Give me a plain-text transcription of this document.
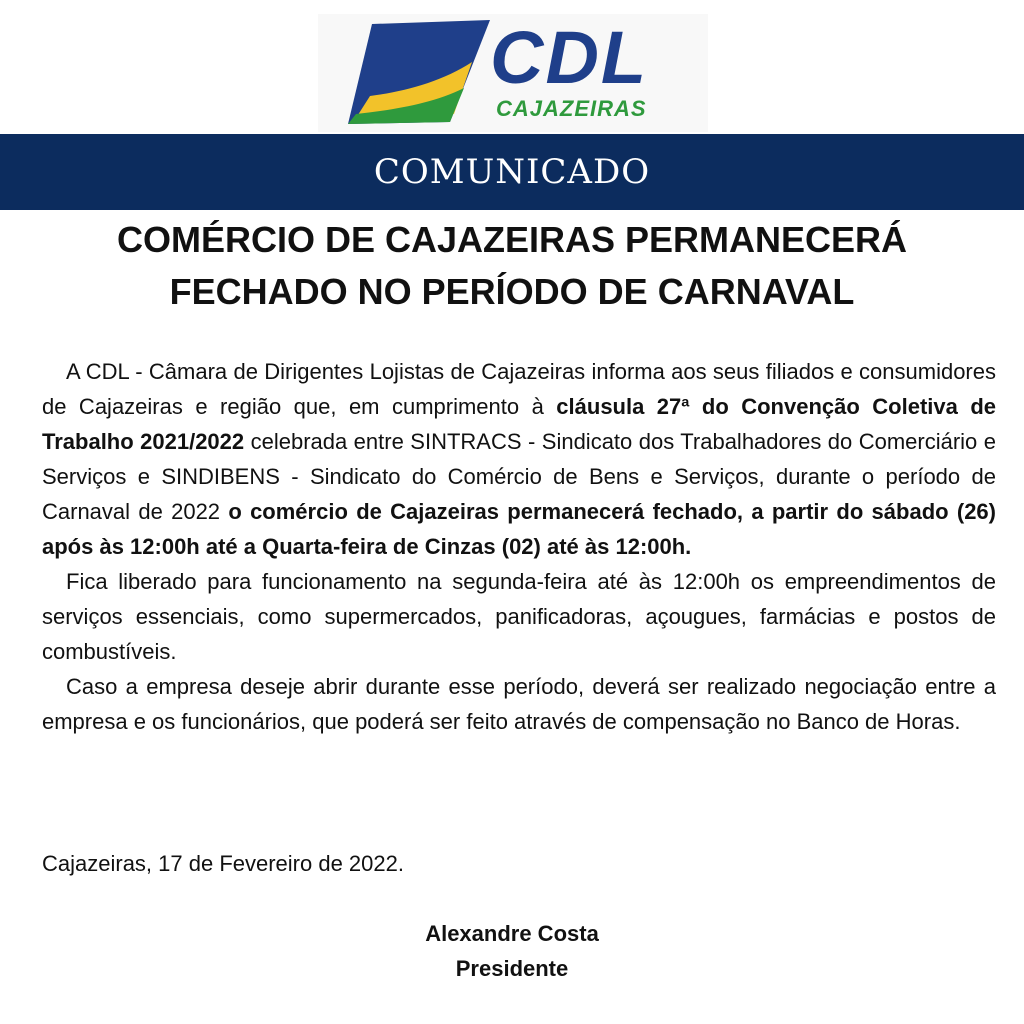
CDL
CAJAZEIRAS
COMUNICADO
COMÉRCIO DE CAJAZEIRAS PERMANECERÁ
FECHADO NO PERÍODO DE CARNAVAL

A CDL - Câmara de Dirigentes Lojistas de Cajazeiras informa aos seus filiados e consumidores de Cajazeiras e região que, em cumprimento à cláusula 27ª do Convenção Coletiva de Trabalho 2021/2022 celebrada entre SINTRACS - Sindicato dos Trabalhadores do Comerciário e Serviços e SINDIBENS - Sindicato do Comércio de Bens e Serviços, durante o período de Carnaval de 2022 o comércio de Cajazeiras permanecerá fechado, a partir do sábado (26) após às 12:00h até a Quarta-feira de Cinzas (02) até às 12:00h.

Fica liberado para funcionamento na segunda-feira até às 12:00h os empreendimentos de serviços essenciais, como supermercados, panificadoras, açougues, farmácias e postos de combustíveis.

Caso a empresa deseje abrir durante esse período, deverá ser realizado negociação entre a empresa e os funcionários, que poderá ser feito através de compensação no Banco de Horas.

Cajazeiras, 17 de Fevereiro de 2022.
Alexandre Costa
Presidente
